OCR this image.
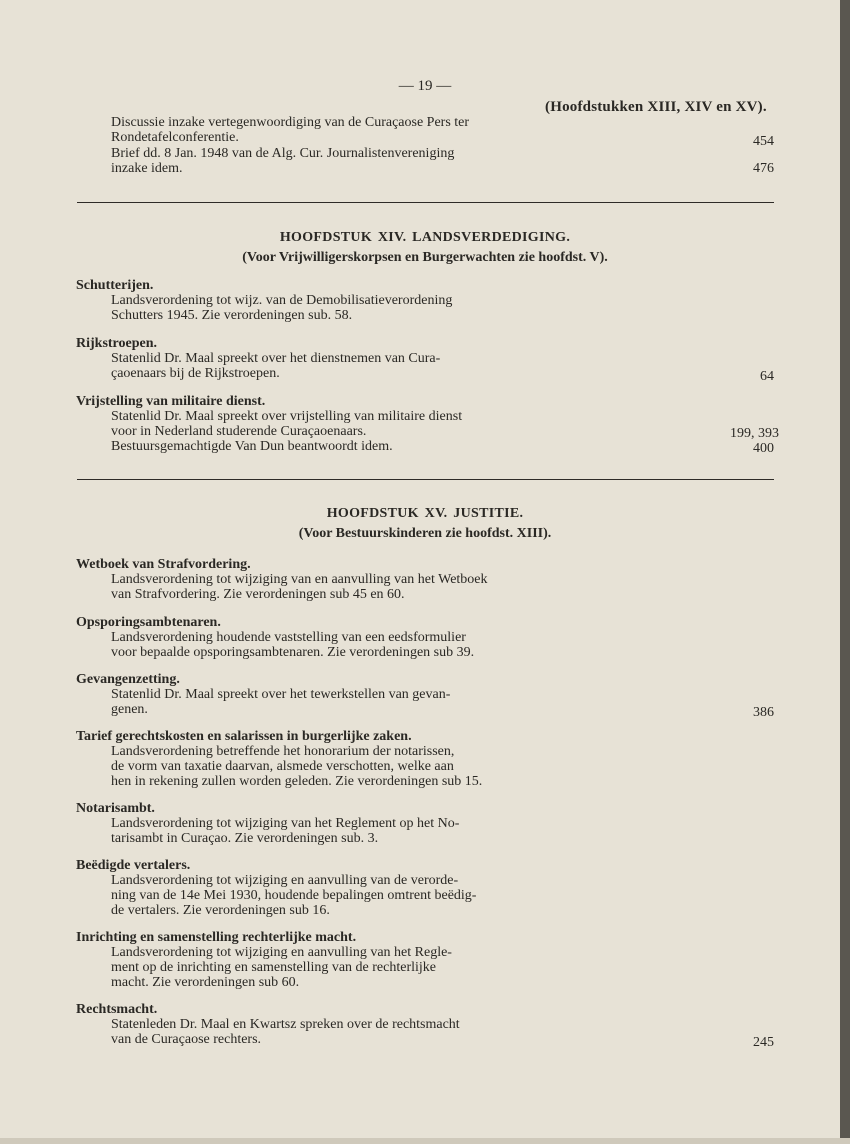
— 19 —
(Hoofdstukken XIII, XIV en XV).
Discussie inzake vertegenwoordiging van de Curaçaose Pers ter
Rondetafelconferentie.	454
Brief dd. 8 Jan. 1948 van de Alg. Cur. Journalistenvereniging
inzake idem.	476
HOOFDSTUK XIV. LANDSVERDEDIGING.
(Voor Vrijwilligerskorpsen en Burgerwachten zie hoofdst. V).
Schutterijen.
Landsverordening tot wijz. van de Demobilisatieverordening
Schutters 1945. Zie verordeningen sub. 58.
Rijkstroepen.
Statenlid Dr. Maal spreekt over het dienstnemen van Cura-
çaoenaars bij de Rijkstroepen.	64
Vrijstelling van militaire dienst.
Statenlid Dr. Maal spreekt over vrijstelling van militaire dienst
voor in Nederland studerende Curaçaoenaars.	199, 393
Bestuursgemachtigde Van Dun beantwoordt idem.	400
HOOFDSTUK XV. JUSTITIE.
(Voor Bestuurskinderen zie hoofdst. XIII).
Wetboek van Strafvordering.
Landsverordening tot wijziging van en aanvulling van het Wetboek
van Strafvordering. Zie verordeningen sub 45 en 60.
Opsporingsambtenaren.
Landsverordening houdende vaststelling van een eedsformulier
voor bepaalde opsporingsambtenaren. Zie verordeningen sub 39.
Gevangenzetting.
Statenlid Dr. Maal spreekt over het tewerkstellen van gevan-
genen.	386
Tarief gerechtskosten en salarissen in burgerlijke zaken.
Landsverordening betreffende het honorarium der notarissen,
de vorm van taxatie daarvan, alsmede verschotten, welke aan
hen in rekening zullen worden geleden. Zie verordeningen sub 15.
Notarisambt.
Landsverordening tot wijziging van het Reglement op het No-
tarisambt in Curaçao. Zie verordeningen sub. 3.
Beëdigde vertalers.
Landsverordening tot wijziging en aanvulling van de verorde-
ning van de 14e Mei 1930, houdende bepalingen omtrent beëdig-
de vertalers. Zie verordeningen sub 16.
Inrichting en samenstelling rechterlijke macht.
Landsverordening tot wijziging en aanvulling van het Regle-
ment op de inrichting en samenstelling van de rechterlijke
macht. Zie verordeningen sub 60.
Rechtsmacht.
Statenleden Dr. Maal en Kwartsz spreken over de rechtsmacht
van de Curaçaose rechters.	245
